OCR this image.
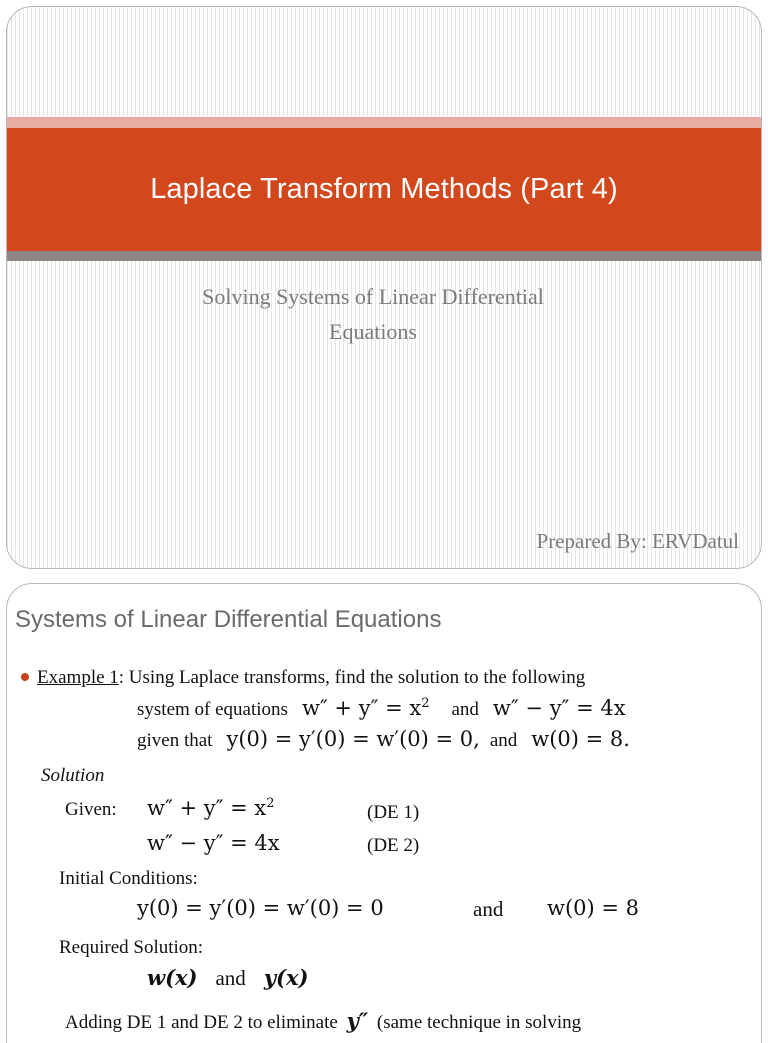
Laplace Transform Methods (Part 4)
Solving Systems of Linear Differential
Equations
Prepared By: ERVDatul
Systems of Linear Differential Equations
Example 1: Using Laplace transforms, find the solution to the following
system of equations $w'' + y'' = x^2$ and w″ − y″ = 4x
given that y(0) = y′(0) = w′(0) = 0, and w(0) = 8.
Solution
Given: $w'' + y'' = x^2$	(DE 1)
w″ − y″ = 4x	(DE 2)
Initial Conditions:
y(0) = y′(0) = w′(0) = 0	and w(0) = 8
Required Solution:
w(x) and y(x)
Adding DE 1 and DE 2 to eliminate y″ (same technique in solving
